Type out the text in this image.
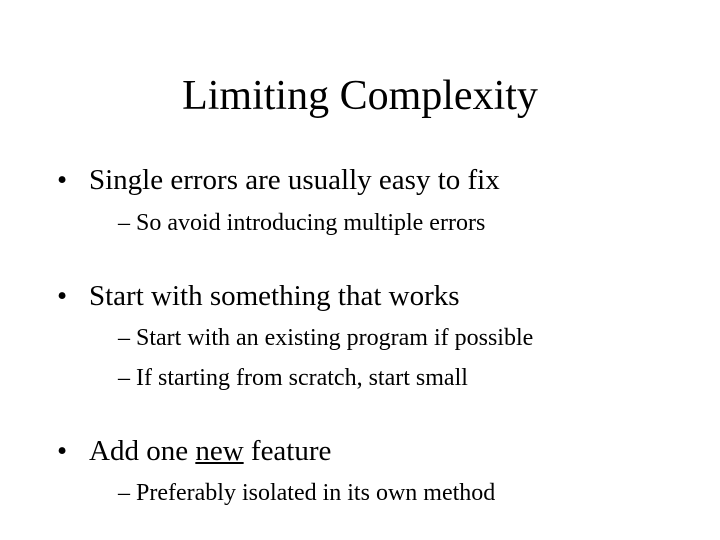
Limiting Complexity
• Single errors are usually easy to fix
– So avoid introducing multiple errors
• Start with something that works
– Start with an existing program if possible
– If starting from scratch, start small
• Add one new feature
– Preferably isolated in its own method
